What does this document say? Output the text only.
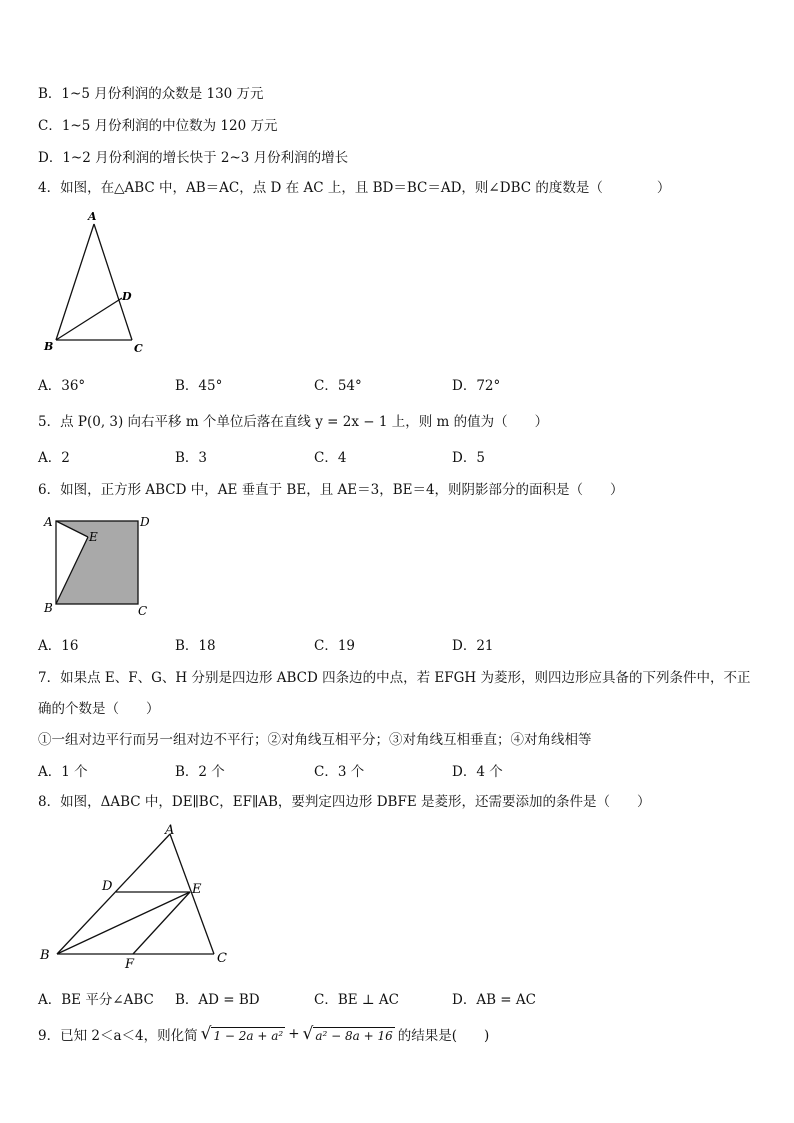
B．1~5 月份利润的众数是 130 万元
C．1~5 月份利润的中位数为 120 万元
D．1~2 月份利润的增长快于 2~3 月份利润的增长
4．如图，在△ABC 中，AB＝AC，点 D 在 AC 上，且 BD＝BC＝AD，则∠DBC 的度数是（　　　　）
A
D
B	C
A．36°	B．45°	C．54°	D．72°
5．点 P(0, 3) 向右平移 m 个单位后落在直线 y = 2x − 1 上，则 m 的值为（　　）
A．2	B．3	C．4	D．5
6．如图，正方形 ABCD 中，AE 垂直于 BE，且 AE＝3，BE＝4，则阴影部分的面积是（　　）
A	D
E
B	C
A．16	B．18	C．19	D．21
7．如果点 E、F、G、H 分别是四边形 ABCD 四条边的中点，若 EFGH 为菱形，则四边形应具备的下列条件中，不正
确的个数是（　　）
①一组对边平行而另一组对边不平行；②对角线互相平分；③对角线互相垂直；④对角线相等
A．1 个	B．2 个	C．3 个	D．4 个
8．如图，ΔABC 中，DE∥BC，EF∥AB，要判定四边形 DBFE 是菱形，还需要添加的条件是（　　）
A
D	E
B
F	C
A．BE 平分∠ABC B．AD = BD	C．BE ⊥ AC	D．AB = AC
9．已知 2＜a＜4，则化简 √ 1 − 2a + a² + √ a² − 8a + 16 的结果是(　　)
